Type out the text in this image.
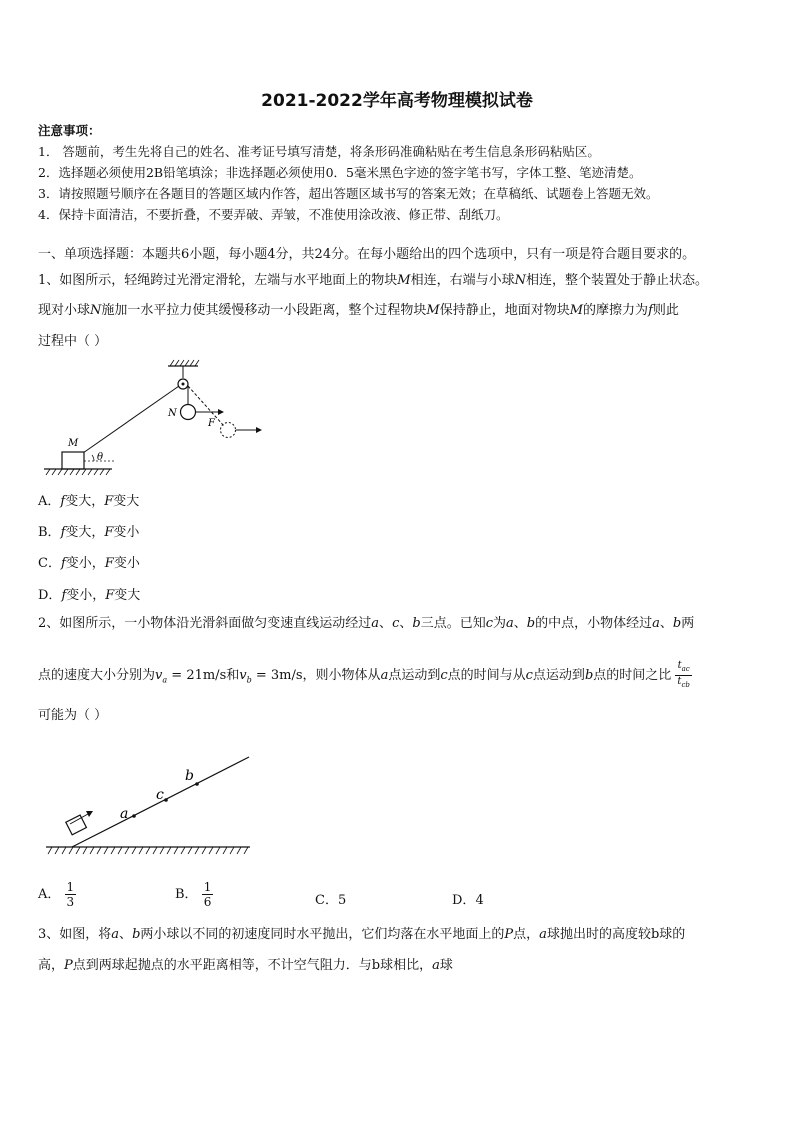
2021-2022学年高考物理模拟试卷
注意事项：
1． 答题前，考生先将自己的姓名、准考证号填写清楚，将条形码准确粘贴在考生信息条形码粘贴区。
2．选择题必须使用2B铅笔填涂；非选择题必须使用0．5毫米黑色字迹的签字笔书写，字体工整、笔迹清楚。
3．请按照题号顺序在各题目的答题区域内作答，超出答题区域书写的答案无效；在草稿纸、试题卷上答题无效。
4．保持卡面清洁，不要折叠，不要弄破、弄皱，不准使用涂改液、修正带、刮纸刀。
一、单项选择题：本题共6小题，每小题4分，共24分。在每小题给出的四个选项中，只有一项是符合题目要求的。
1、如图所示，轻绳跨过光滑定滑轮，左端与水平地面上的物块M相连，右端与小球N相连，整个装置处于静止状态。
现对小球N施加一水平拉力使其缓慢移动一小段距离，整个过程物块M保持静止，地面对物块M的摩擦力为f则此
过程中（ ）
M
θ
N
F
A．f变大，F变大
B．f变大，F变小
C．f变小，F变小
D．f变小，F变大
2、如图所示，一小物体沿光滑斜面做匀变速直线运动经过a、c、b三点。已知c为a、b的中点，小物体经过a、b两
点的速度大小分别为$v_a = 21m/s$和$v_b = 3m/s$，则小物体从a点运动到c点的时间与从c点运动到b点的时间之比 $\frac{t_{ac}}{t_{cb}}$
可能为（ ）
a
c
b
A． $\frac{1}{3}$	B． $\frac{1}{6}$	C．5	D．4
3、如图，将a、b两小球以不同的初速度同时水平抛出，它们均落在水平地面上的P点，a球抛出时的高度较b球的
高，P点到两球起抛点的水平距离相等，不计空气阻力．与b球相比，a球
